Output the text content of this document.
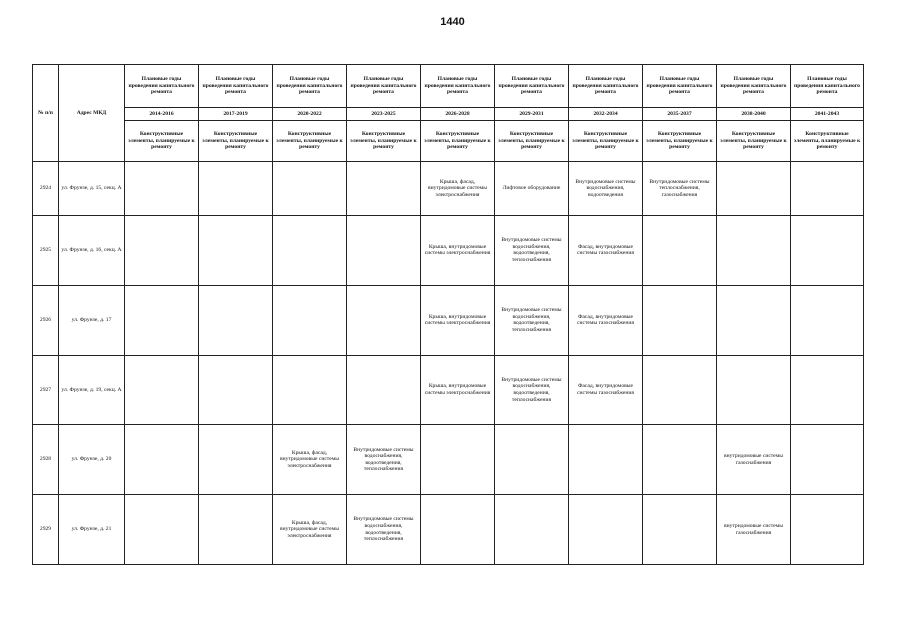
1440
№ п/п	Адрес МКД	Плановые годы проведения капитального ремонта	Плановые годы проведения капитального ремонта	Плановые годы проведения капитального ремонта	Плановые годы проведения капитального ремонта	Плановые годы проведения капитального ремонта	Плановые годы проведения капитального ремонта	Плановые годы проведения капитального ремонта	Плановые годы проведения капитального ремонта	Плановые годы проведения капитального ремонта	Плановые годы проведения капитального ремонта
		2014-2016	2017-2019	2020-2022	2023-2025	2026-2028	2029-2031	2032-2034	2035-2037	2038-2040	2041-2043
		Конструктивные элементы, планируемые к ремонту	Конструктивные элементы, планируемые к ремонту	Конструктивные элементы, планируемые к ремонту	Конструктивные элементы, планируемые к ремонту	Конструктивные элементы, планируемые к ремонту	Конструктивные элементы, планируемые к ремонту	Конструктивные элементы, планируемые к ремонту	Конструктивные элементы, планируемые к ремонту	Конструктивные элементы, планируемые к ремонту	Конструктивные элементы, планируемые к ремонту
2924	ул. Фрунзе, д. 15, секц. А					Крыша, фасад, внутридомовые системы электроснабжения	Лифтовое оборудование	Внутридомовые системы водоснабжения, водоотведения	Внутридомовые системы теплоснабжения, газоснабжения		
2925	ул. Фрунзе, д. 16, секц. А					Крыша, внутридомовые системы электроснабжения	Внутридомовые системы водоснабжения, водоотведения, теплоснабжения	Фасад, внутридомовые системы газоснабжения			
2926	ул. Фрунзе, д. 17					Крыша, внутридомовые системы электроснабжения	Внутридомовые системы водоснабжения, водоотведения, теплоснабжения	Фасад, внутридомовые системы газоснабжения			
2927	ул. Фрунзе, д. 19, секц. А					Крыша, внутридомовые системы электроснабжения	Внутридомовые системы водоснабжения, водоотведения, теплоснабжения	Фасад, внутридомовые системы газоснабжения			
2928	ул. Фрунзе, д. 20			Крыша, фасад, внутридомовые системы электроснабжения	Внутридомовые системы водоснабжения, водоотведения, теплоснабжения					внутридомовые системы газоснабжения	
2929	ул. Фрунзе, д. 21			Крыша, фасад, внутридомовые системы электроснабжения	Внутридомовые системы водоснабжения, водоотведения, теплоснабжения					внутридомовые системы газоснабжения	
